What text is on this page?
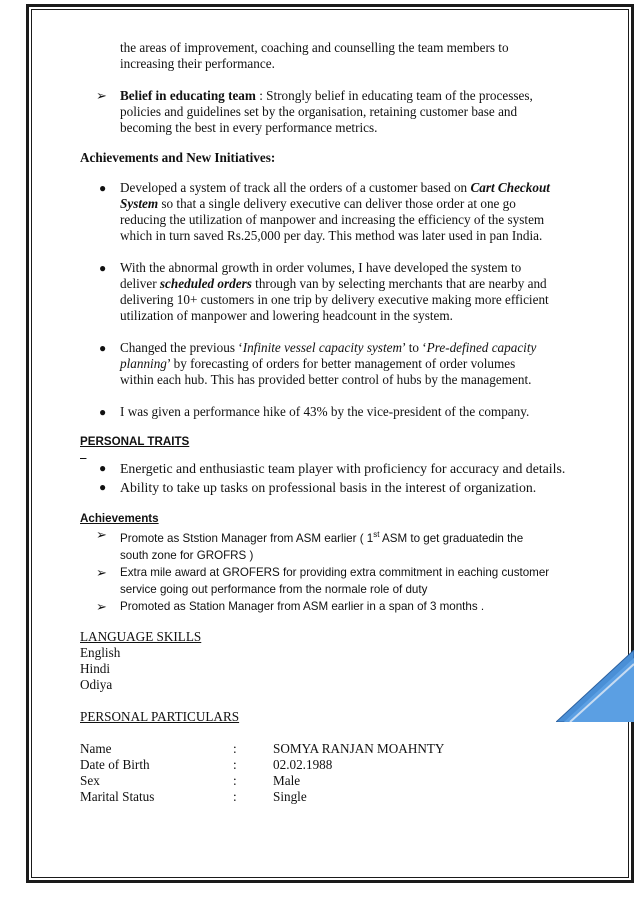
the areas of improvement, coaching and counselling the team members to
increasing their performance.
➢ Belief in educating team : Strongly belief in educating team of the processes,
policies and guidelines set by the organisation, retaining customer base and
becoming the best in every performance metrics.
Achievements and New Initiatives:
● Developed a system of track all the orders of a customer based on Cart Checkout
System so that a single delivery executive can deliver those order at one go
reducing the utilization of manpower and increasing the efficiency of the system
which in turn saved Rs.25,000 per day. This method was later used in pan India.
● With the abnormal growth in order volumes, I have developed the system to
deliver scheduled orders through van by selecting merchants that are nearby and
delivering 10+ customers in one trip by delivery executive making more efficient
utilization of manpower and lowering headcount in the system.
● Changed the previous ‘Infinite vessel capacity system’ to ‘Pre-defined capacity
planning’ by forecasting of orders for better management of order volumes
within each hub. This has provided better control of hubs by the management.
● I was given a performance hike of 43% by the vice-president of the company.
PERSONAL TRAITS

● Energetic and enthusiastic team player with proficiency for accuracy and details.
● Ability to take up tasks on professional basis in the interest of organization.
Achievements
➢ Promote as Ststion Manager from ASM earlier ( 1st ASM to get graduatedin the
south zone for GROFRS )
➢ Extra mile award at GROFERS for providing extra commitment in eaching customer
service going out performance from the normale role of duty
➢ Promoted as Station Manager from ASM earlier in a span of 3 months .
LANGUAGE SKILLS
English
Hindi
Odiya
PERSONAL PARTICULARS
Name	:	SOMYA RANJAN MOAHNTY
Date of Birth	:	02.02.1988
Sex	:	Male
Marital Status	:	Single
